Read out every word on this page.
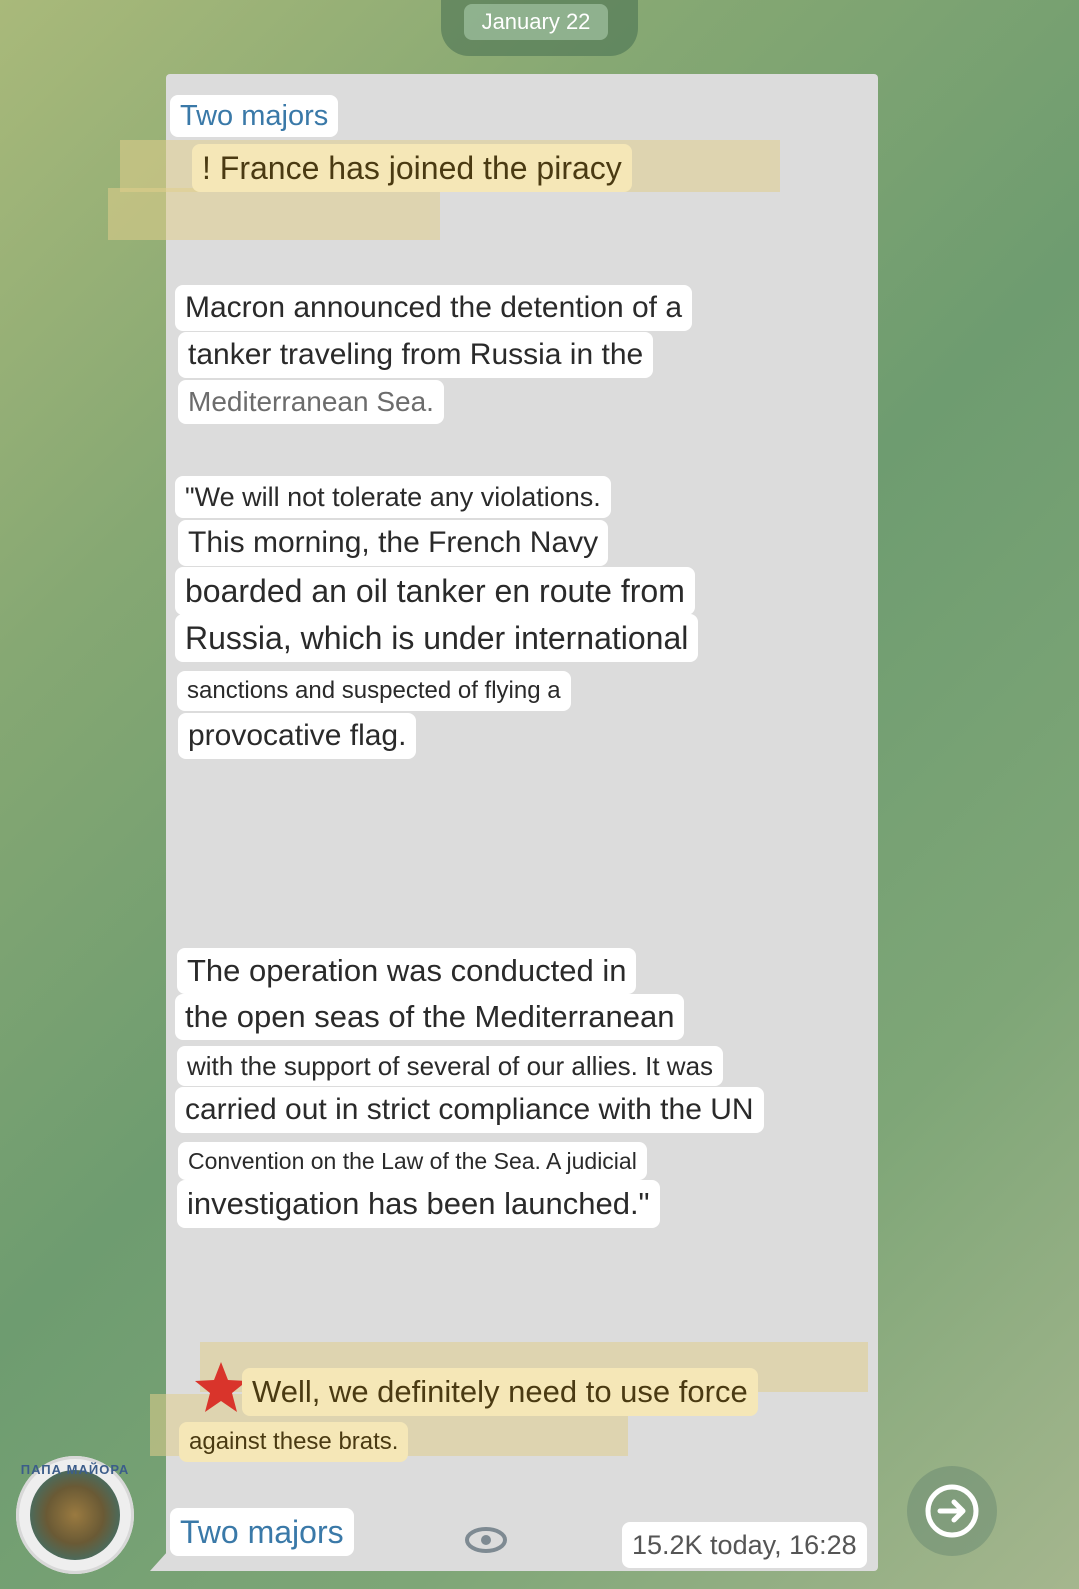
January 22
Two majors
! France has joined the piracy
Macron announced the detention of a
tanker traveling from Russia in the
Mediterranean Sea.
"We will not tolerate any violations.
This morning, the French Navy
boarded an oil tanker en route from
Russia, which is under international
sanctions and suspected of flying a
provocative flag.
The operation was conducted in
the open seas of the Mediterranean
with the support of several of our allies. It was
carried out in strict compliance with the UN
Convention on the Law of the Sea. A judicial
investigation has been launched."
Well, we definitely need to use force
against these brats.
Two majors	15.2K today, 16:28
ПАПА МАЙОРА
